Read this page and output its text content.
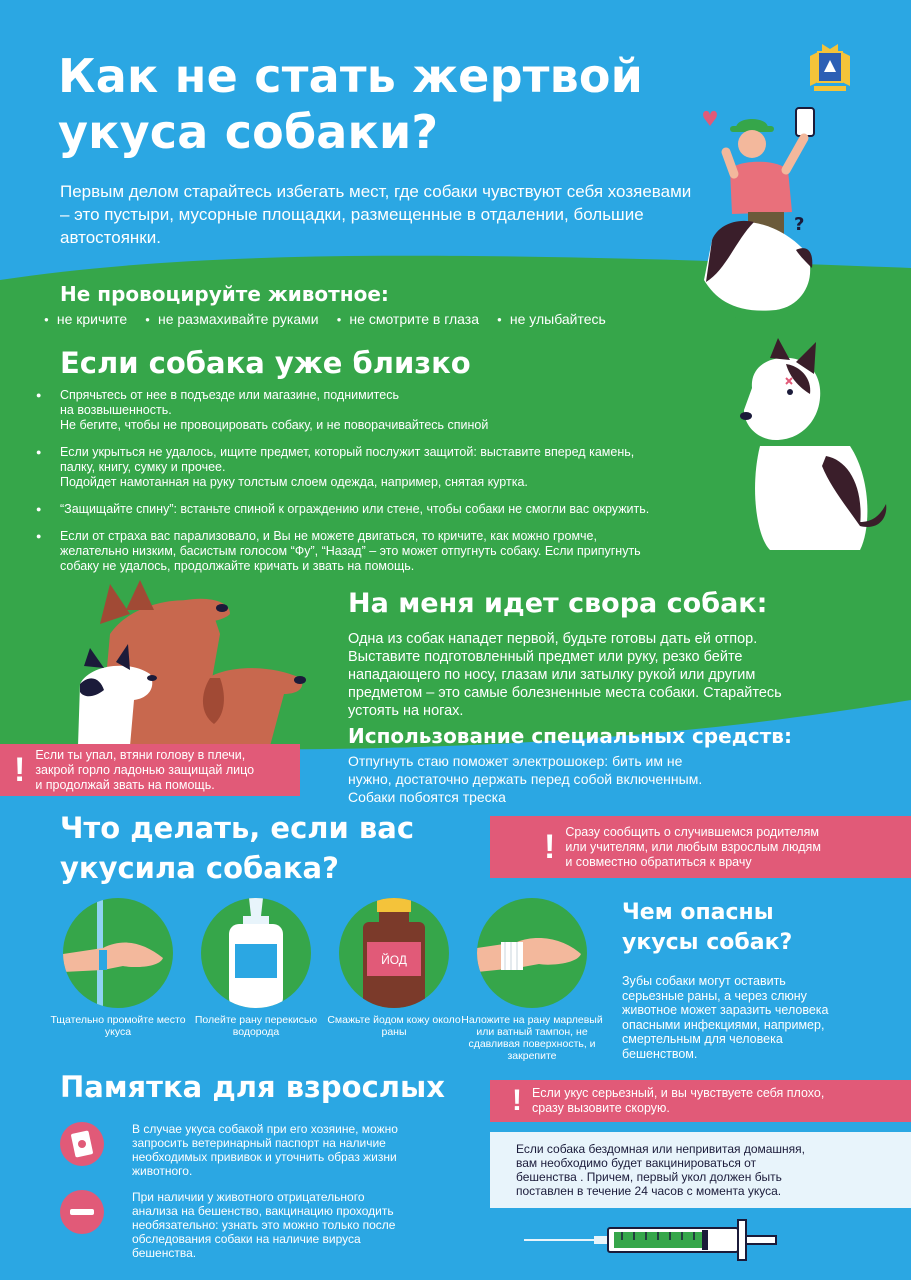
Как не стать жертвой
укуса собаки?
Первым делом старайтесь избегать мест, где собаки чувствуют себя хозяевами – это пустыри, мусорные площадки, размещенные в отдалении, большие автостоянки.
?
Не провоцируйте животное:
● не кричите	● не размахивайте руками	● не смотрите в глаза	● не улыбайтесь
Если собака уже близко
● Спрячьтесь от нее в подъезде или магазине, поднимитесь
на возвышенность.
Не бегите, чтобы не провоцировать собаку, и не поворачивайтесь спиной
● Если укрыться не удалось, ищите предмет, который послужит защитой: выставите вперед камень,
палку, книгу, сумку и прочее.
Подойдет намотанная на руку толстым слоем одежда, например, снятая куртка.
● “Защищайте спину”: встаньте спиной к ограждению или стене, чтобы собаки не смогли вас окружить.
● Если от страха вас парализовало, и Вы не можете двигаться, то кричите, как можно громче,
желательно низким, басистым голосом “Фу”, “Назад” – это может отпугнуть собаку. Если припугнуть
собаку не удалось, продолжайте кричать и звать на помощь.
! Если ты упал, втяни голову в плечи,
закрой горло ладонью защищай лицо
и продолжай звать на помощь.
На меня идет свора собак:
Одна из собак нападет первой, будьте готовы дать ей отпор.
Выставите подготовленный предмет или руку, резко бейте
нападающего по носу, глазам или затылку рукой или другим
предметом – это самые болезненные места собаки. Старайтесь
устоять на ногах.
Использование специальных средств:
Отпугнуть стаю поможет электрошокер: бить им не
нужно, достаточно держать перед собой включенным.
Собаки побоятся треска
Что делать, если вас
укусила собака?
! Сразу сообщить о случившемся родителям
или учителям, или любым взрослым людям
и совместно обратиться к врачу
ЙОД
Тщательно промойте место укуса
Полейте рану перекисью водорода
Смажьте йодом кожу около раны
Наложите на рану марлевый или ватный тампон, не сдавливая поверхность, и закрепите
Чем опасны
укусы собак?
Зубы собаки могут оставить
серьезные раны, а через слюну
животное может заразить человека
опасными инфекциями, например,
смертельным для человека
бешенством.
Памятка для взрослых
В случае укуса собакой при его хозяине, можно
запросить ветеринарный паспорт на наличие
необходимых прививок и уточнить образ жизни
животного.
При наличии у животного отрицательного
анализа на бешенство, вакцинацию проходить
необязательно: узнать это можно только после
обследования собаки на наличие вируса
бешенства.
! Если укус серьезный, и вы чувствуете себя плохо,
сразу вызовите скорую.
Если собака бездомная или непривитая домашняя,
вам необходимо будет вакцинироваться от
бешенства . Причем, первый укол должен быть
поставлен в течение 24 часов с момента укуса.
